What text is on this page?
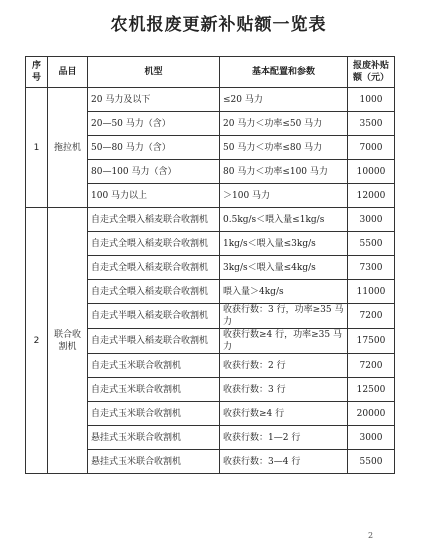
农机报废更新补贴额一览表
序号	品目	机型	基本配置和参数	报废补贴额（元）
1	拖拉机	20 马力及以下	≤20 马力	1000
		20—50 马力（含）	20 马力＜功率≤50 马力	3500
		50—80 马力（含）	50 马力＜功率≤80 马力	7000
		80—100 马力（含）	80 马力＜功率≤100 马力	10000
		100 马力以上	＞100 马力	12000
2	联合收割机	自走式全喂入稻麦联合收割机	0.5kg/s＜喂入量≤1kg/s	3000
		自走式全喂入稻麦联合收割机	1kg/s＜喂入量≤3kg/s	5500
		自走式全喂入稻麦联合收割机	3kg/s＜喂入量≤4kg/s	7300
		自走式全喂入稻麦联合收割机	喂入量＞4kg/s	11000
		自走式半喂入稻麦联合收割机	收获行数：3 行，功率≥35 马力	7200
		自走式半喂入稻麦联合收割机	收获行数≥4 行，功率≥35 马力	17500
		自走式玉米联合收割机	收获行数：2 行	7200
		自走式玉米联合收割机	收获行数：3 行	12500
		自走式玉米联合收割机	收获行数≥4 行	20000
		悬挂式玉米联合收割机	收获行数：1—2 行	3000
		悬挂式玉米联合收割机	收获行数：3—4 行	5500
2
